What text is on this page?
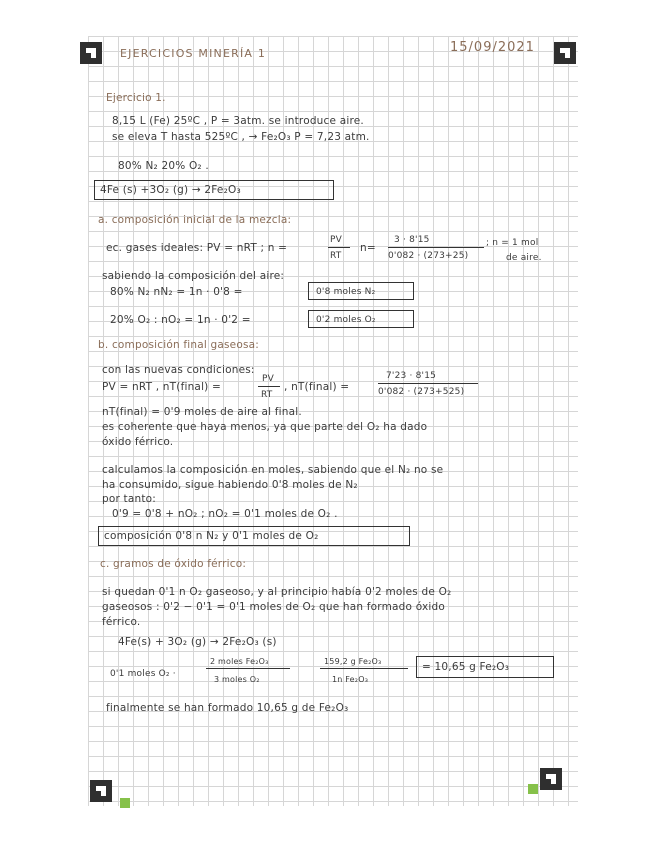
EJERCICIOS MINERÍA 1	15/09/2021
Ejercicio 1.
8,15 L (Fe) 25ºC , P = 3atm. se introduce aire.
se eleva T hasta 525ºC , → Fe₂O₃ P = 7,23 atm.
80% N₂ 20% O₂ .
4Fe (s) +3O₂ (g) → 2Fe₂O₃
a. composición inicial de la mezcla:
ec. gases ideales: PV = nRT ; n =
PV
RT
n=
3 · 8'15
0'082 · (273+25)
; n = 1 mol
de aire.
sabiendo la composición del aire:
80% N₂ nN₂ = 1n · 0'8 =	0'8 moles N₂
20% O₂ : nO₂ = 1n · 0'2 =	0'2 moles O₂
b. composición final gaseosa:
con las nuevas condiciones:
PV = nRT , nT(final) =
PV
RT
, nT(final) =
7'23 · 8'15
0'082 · (273+525)
nT(final) = 0'9 moles de aire al final.
es coherente que haya menos, ya que parte del O₂ ha dado
óxido férrico.
calculamos la composición en moles, sabiendo que el N₂ no se
ha consumido, sigue habiendo 0'8 moles de N₂
por tanto:
0'9 = 0'8 + nO₂ ; nO₂ = 0'1 moles de O₂ .
composición 0'8 n N₂ y 0'1 moles de O₂
c. gramos de óxido férrico:
si quedan 0'1 n O₂ gaseoso, y al principio había 0'2 moles de O₂
gaseosos : 0'2 − 0'1 = 0'1 moles de O₂ que han formado óxido
férrico.
4Fe(s) + 3O₂ (g) → 2Fe₂O₃ (s)
0'1 moles O₂ ·
2 moles Fe₂O₃
3 moles O₂
159,2 g Fe₂O₃
1n Fe₂O₃
= 10,65 g Fe₂O₃
finalmente se han formado 10,65 g de Fe₂O₃
